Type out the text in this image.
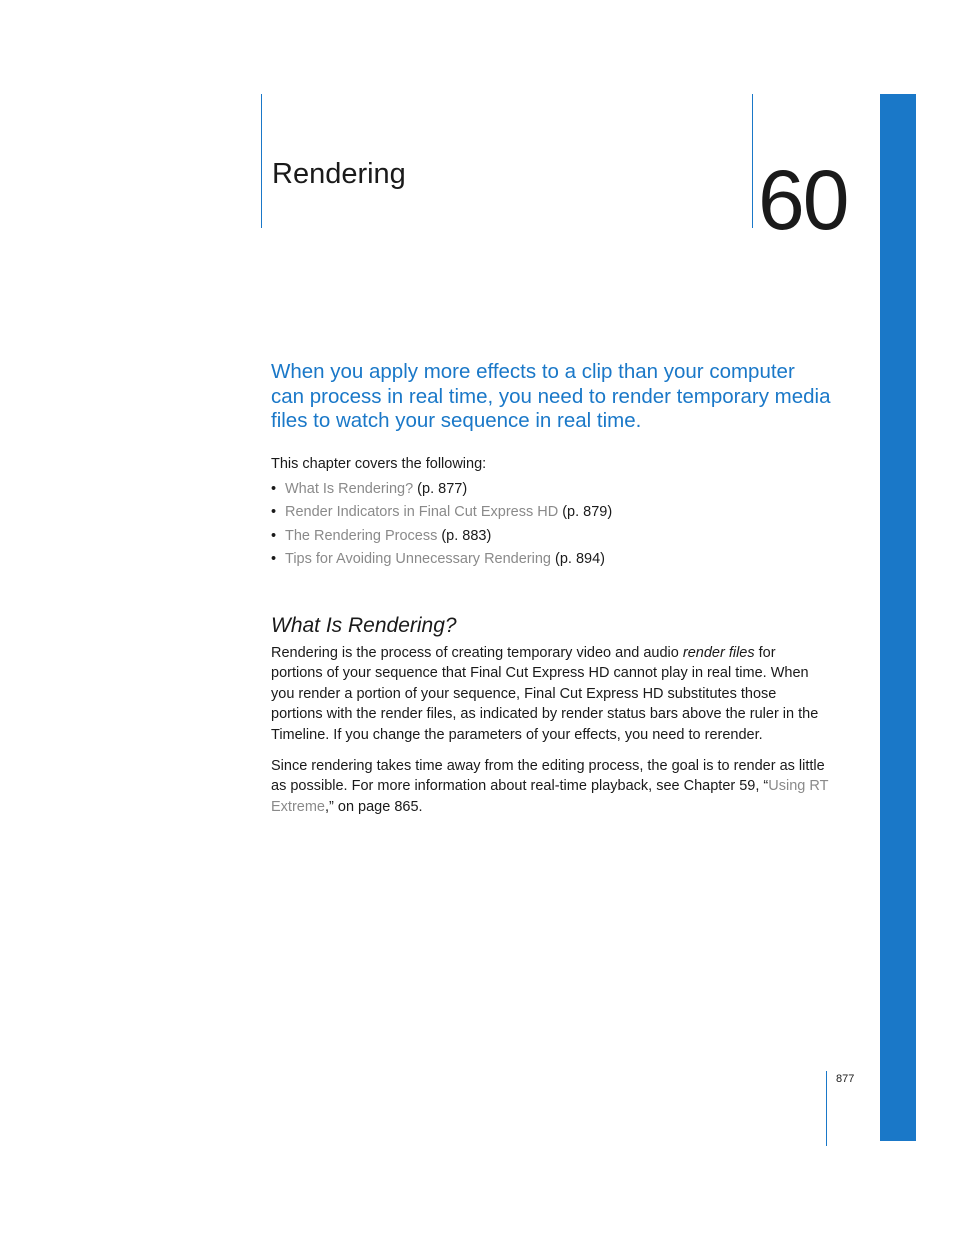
Rendering	60

When you apply more effects to a clip than your computer can process in real time, you need to render temporary media files to watch your sequence in real time.

This chapter covers the following:
• What Is Rendering? (p. 877)
• Render Indicators in Final Cut Express HD (p. 879)
• The Rendering Process (p. 883)
• Tips for Avoiding Unnecessary Rendering (p. 894)
What Is Rendering?

Rendering is the process of creating temporary video and audio render files for portions of your sequence that Final Cut Express HD cannot play in real time. When you render a portion of your sequence, Final Cut Express HD substitutes those portions with the render files, as indicated by render status bars above the ruler in the Timeline. If you change the parameters of your effects, you need to rerender.

Since rendering takes time away from the editing process, the goal is to render as little as possible. For more information about real-time playback, see Chapter 59, “Using RT Extreme,” on page 865.

877
